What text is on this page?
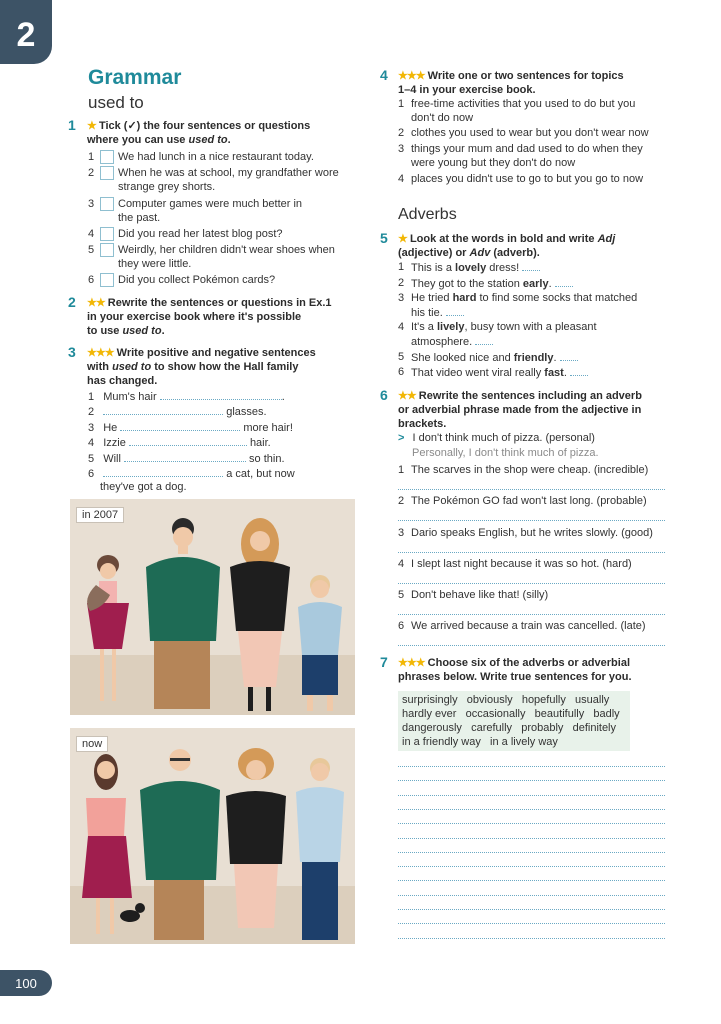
2
100
Grammar
used to
1 ★ Tick (✓) the four sentences or questions
where you can use used to.
1 We had lunch in a nice restaurant today.
2 When he was at school, my grandfather wore
strange grey shorts.
3 Computer games were much better in
the past.
4 Did you read her latest blog post?
5 Weirdly, her children didn't wear shoes when
they were little.
6 Did you collect Pokémon cards?
2 ★★ Rewrite the sentences or questions in Ex.1
in your exercise book where it's possible
to use used to.
3 ★★★ Write positive and negative sentences
with used to to show how the Hall family
has changed.
1 Mum's hair	.
2	glasses.
3 He	more hair!
4 Izzie	hair.
5 Will	so thin.
6	a cat, but now
they've got a dog.
in 2007
now
4 ★★★ Write one or two sentences for topics
1–4 in your exercise book.
1 free-time activities that you used to do but you
don't do now
2 clothes you used to wear but you don't wear now
3 things your mum and dad used to do when they
were young but they don't do now
4 places you didn't use to go to but you go to now
Adverbs
5 ★ Look at the words in bold and write Adj
(adjective) or Adv (adverb).
1 This is a lovely dress!
2 They got to the station early.
3 He tried hard to find some socks that matched
his tie.
4 It's a lively, busy town with a pleasant
atmosphere.
5 She looked nice and friendly.
6 That video went viral really fast.
6 ★★ Rewrite the sentences including an adverb
or adverbial phrase made from the adjective in
brackets.
> I don't think much of pizza. (personal)
Personally, I don't think much of pizza.
1 The scarves in the shop were cheap. (incredible)
2 The Pokémon GO fad won't last long. (probable)
3 Dario speaks English, but he writes slowly. (good)
4 I slept last night because it was so hot. (hard)
5 Don't behave like that! (silly)
6 We arrived because a train was cancelled. (late)
7 ★★★ Choose six of the adverbs or adverbial
phrases below. Write true sentences for you.
surprisingly   obviously   hopefully   usually
hardly ever   occasionally   beautifully   badly
dangerously   carefully   probably   definitely
in a friendly way   in a lively way
